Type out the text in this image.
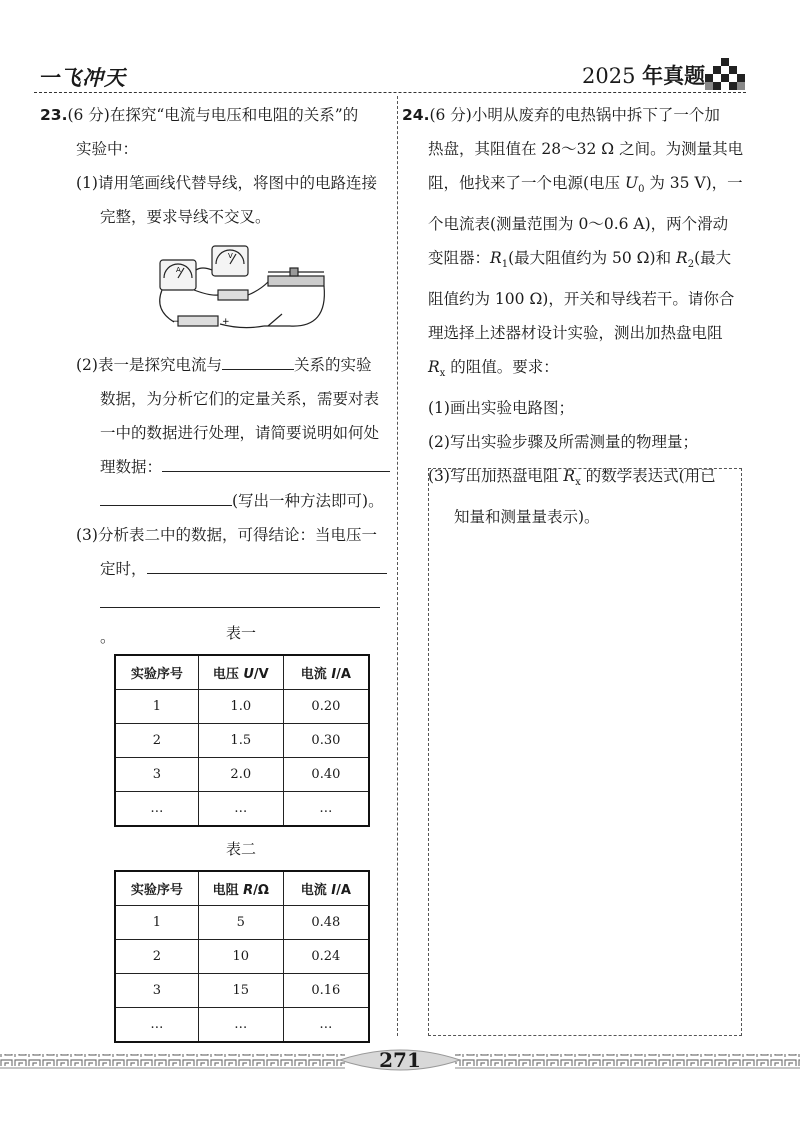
一飞冲天	2025 年真题
23.(6 分)在探究“电流与电压和电阻的关系”的
实验中：
(1)请用笔画线代替导线，将图中的电路连接
完整，要求导线不交叉。
A
V
−	+
(2)表一是探究电流与	关系的实验
数据，为分析它们的定量关系，需要对表
一中的数据进行处理，请简要说明如何处
理数据：
(写出一种方法即可)。
(3)分析表二中的数据，可得结论：当电压一
定时，
。	表一
实验序号	电压 U/V	电流 I/A
1	1.0	0.20
2	1.5	0.30
3	2.0	0.40
…	…	…
表二
实验序号	电阻 R/Ω	电流 I/A
1	5	0.48
2	10	0.24
3	15	0.16
…	…	…
24.(6 分)小明从废弃的电热锅中拆下了一个加
热盘，其阻值在 28～32 Ω 之间。为测量其电
阻，他找来了一个电源(电压 $U_0$ 为 35 V)，一
个电流表(测量范围为 0～0.6 A)，两个滑动
变阻器：$R_1$(最大阻值约为 50 Ω)和 $R_2$(最大
阻值约为 100 Ω)，开关和导线若干。请你合
理选择上述器材设计实验，测出加热盘电阻
$R_x$ 的阻值。要求：
(1)画出实验电路图；
(2)写出实验步骤及所需测量的物理量；
(3)写出加热盘电阻 $R_x$ 的数学表达式(用已
知量和测量量表示)。
271
